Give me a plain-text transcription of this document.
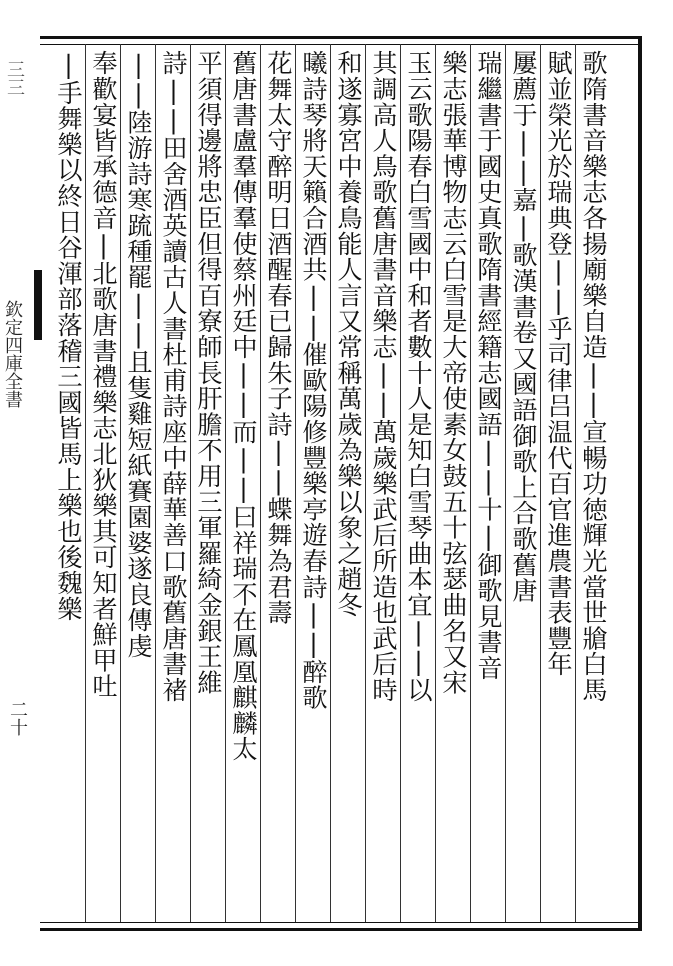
三三
欽定四庫全書
二十
歌隋書音樂志各揚廟樂自造||宣暢功徳輝光當世牄白馬
賦並榮光於瑞典登||乎司律吕温代百官進農書表豐年
屢薦于||嘉|歌漢書卷又國語御歌上合歌舊唐
瑞繼書于國史真歌隋書經籍志國語||十|御歌見書音
樂志張華博物志云白雪是大帝使素女鼓五十弦瑟曲名又宋
玉云歌陽春白雪國中和者數十人是知白雪琴曲本宜||以
其調高人鳥歌舊唐書音樂志||萬歲樂武后所造也武后時
和遂寡宮中養鳥能人言又常稱萬歲為樂以象之趙冬
曦詩琴將天籟合酒共||催歐陽修豐樂亭遊春詩||醉歌
花舞太守醉明日酒醒春已歸朱子詩||蝶舞為君壽
舊唐書盧羣傳羣使蔡州廷中||而||曰祥瑞不在鳳凰麒麟太
平須得邊將忠臣但得百寮師長肝膽不用三軍羅綺金銀王維
詩||田舍酒英讀古人書杜甫詩座中薛華善口歌舊唐書禇
||陸游詩寒䟽種罷||且隻雞短紙賽園婆遂良傳虔
奉歡宴皆承德音|北歌唐書禮樂志北狄樂其可知者鮮甲吐
|手舞樂以終日谷渾部落稽三國皆馬上樂也後魏樂
